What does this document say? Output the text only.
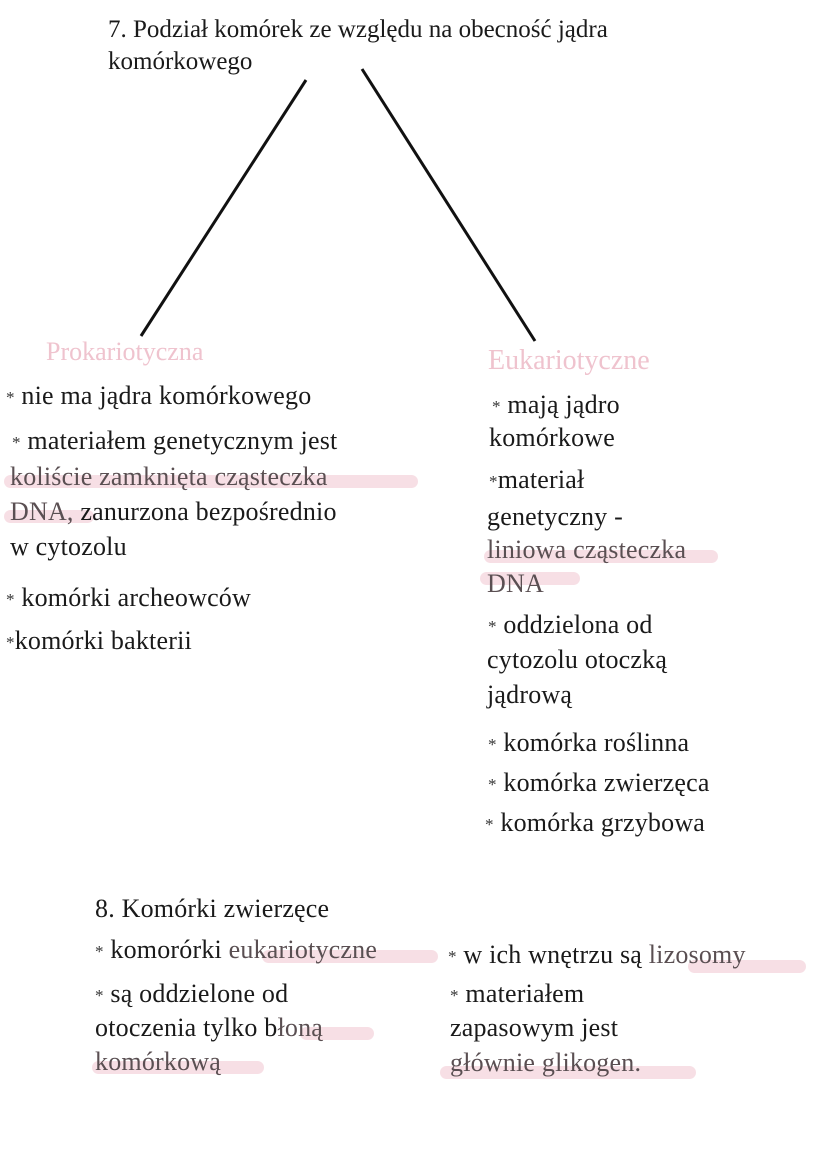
7. Podział komórek ze względu na obecność jądra
komórkowego
Prokariotyczna
* nie ma jądra komórkowego
* materiałem genetycznym jest
koliście zamknięta cząsteczka
DNA, zanurzona bezpośrednio
w cytozolu
* komórki archeowców
*komórki bakterii
Eukariotyczne
* mają jądro
komórkowe
*materiał
genetyczny -
liniowa cząsteczka
DNA
* oddzielona od
cytozolu otoczką
jądrową
* komórka roślinna
* komórka zwierzęca
* komórka grzybowa
8. Komórki zwierzęce
* komorórki eukariotyczne
* są oddzielone od
otoczenia tylko błoną
komórkową
* w ich wnętrzu są lizosomy
* materiałem
zapasowym jest
głównie glikogen.
